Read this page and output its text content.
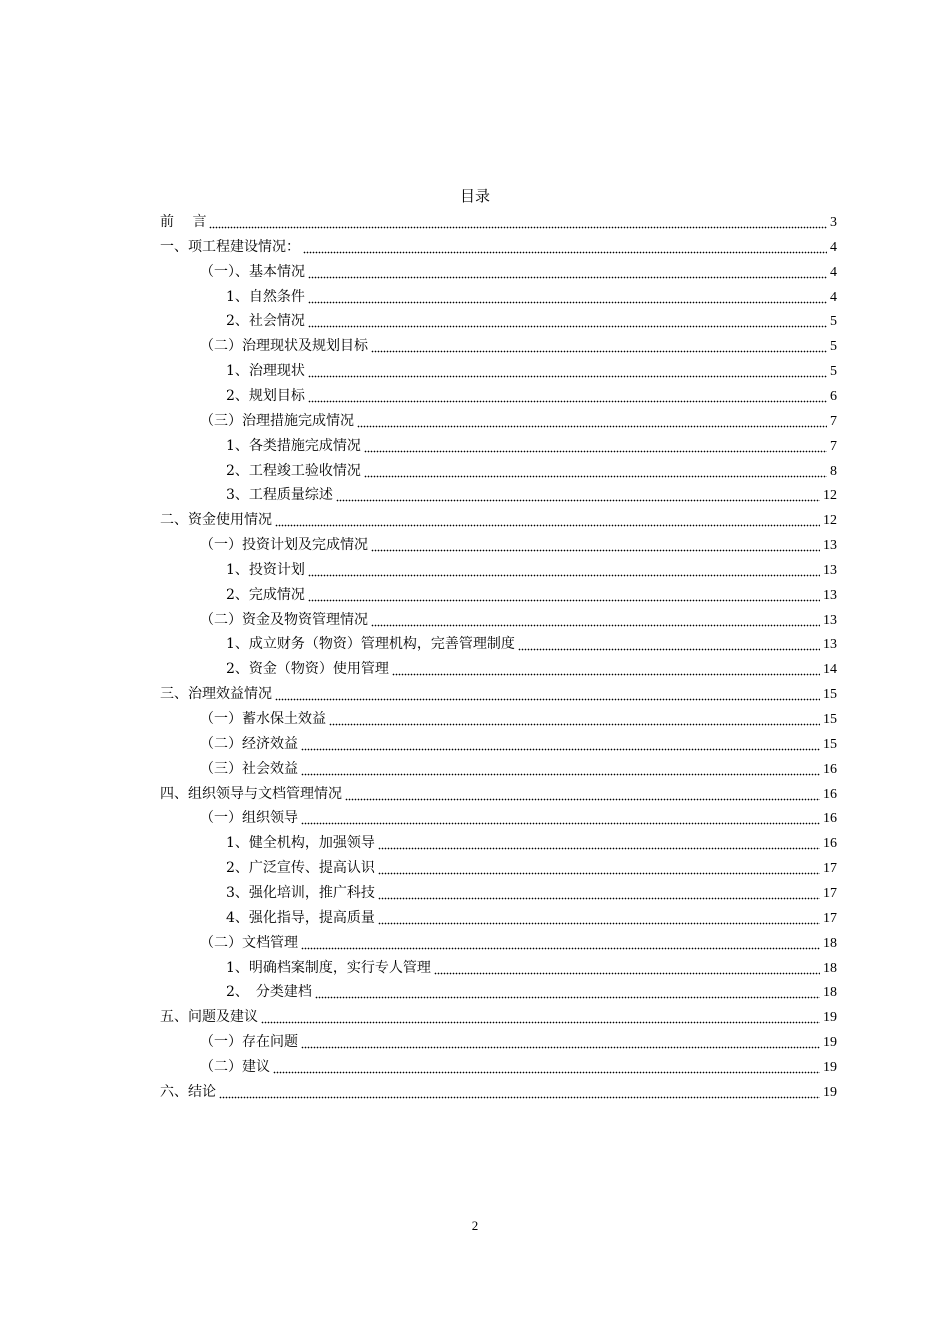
目录
前　 言	3
一、项工程建设情况：	4
（一）、基本情况	4
1、自然条件	4
2、社会情况	5
（二）治理现状及规划目标	5
1、治理现状	5
2、规划目标	6
（三）治理措施完成情况	7
1、各类措施完成情况	7
2、工程竣工验收情况	8
3、工程质量综述	12
二、资金使用情况	12
（一）投资计划及完成情况	13
1、投资计划	13
2、完成情况	13
（二）资金及物资管理情况	13
1、成立财务（物资）管理机构，完善管理制度	13
2、资金（物资）使用管理	14
三、治理效益情况	15
（一）蓄水保土效益	15
（二）经济效益	15
（三）社会效益	16
四、组织领导与文档管理情况	16
（一）组织领导	16
1、健全机构，加强领导	16
2、广泛宣传、提高认识	17
3、强化培训，推广科技	17
4、强化指导，提高质量	17
（二）文档管理	18
1、明确档案制度，实行专人管理	18
2、　分类建档	18
五、问题及建议	19
（一）存在问题	19
（二）建议	19
六、结论	19
2
